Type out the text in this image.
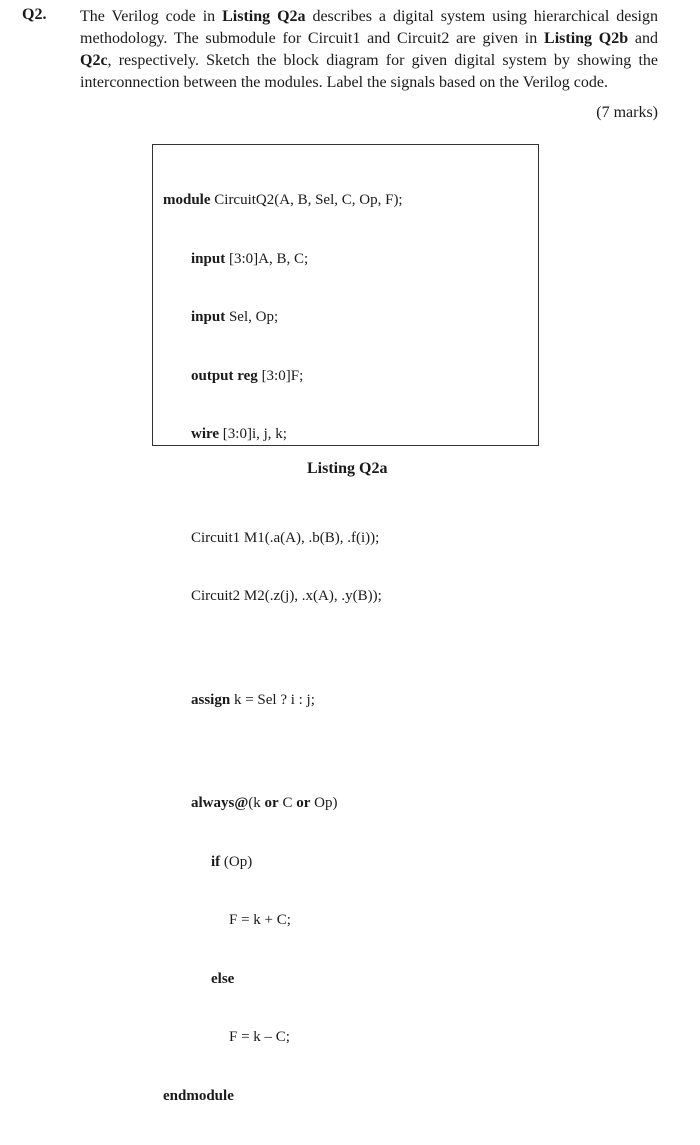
Q2. The Verilog code in Listing Q2a describes a digital system using hierarchical design methodology. The submodule for Circuit1 and Circuit2 are given in Listing Q2b and Q2c, respectively. Sketch the block diagram for given digital system by showing the interconnection between the modules. Label the signals based on the Verilog code.
(7 marks)

module CircuitQ2(A, B, Sel, C, Op, F);

input [3:0]A, B, C;

input Sel, Op;

output reg [3:0]F;

wire [3:0]i, j, k;

Circuit1 M1(.a(A), .b(B), .f(i));

Circuit2 M2(.z(j), .x(A), .y(B));

assign k = Sel ? i : j;

always@(k or C or Op)

if (Op)

F = k + C;

else

F = k – C;

endmodule

Listing Q2a
